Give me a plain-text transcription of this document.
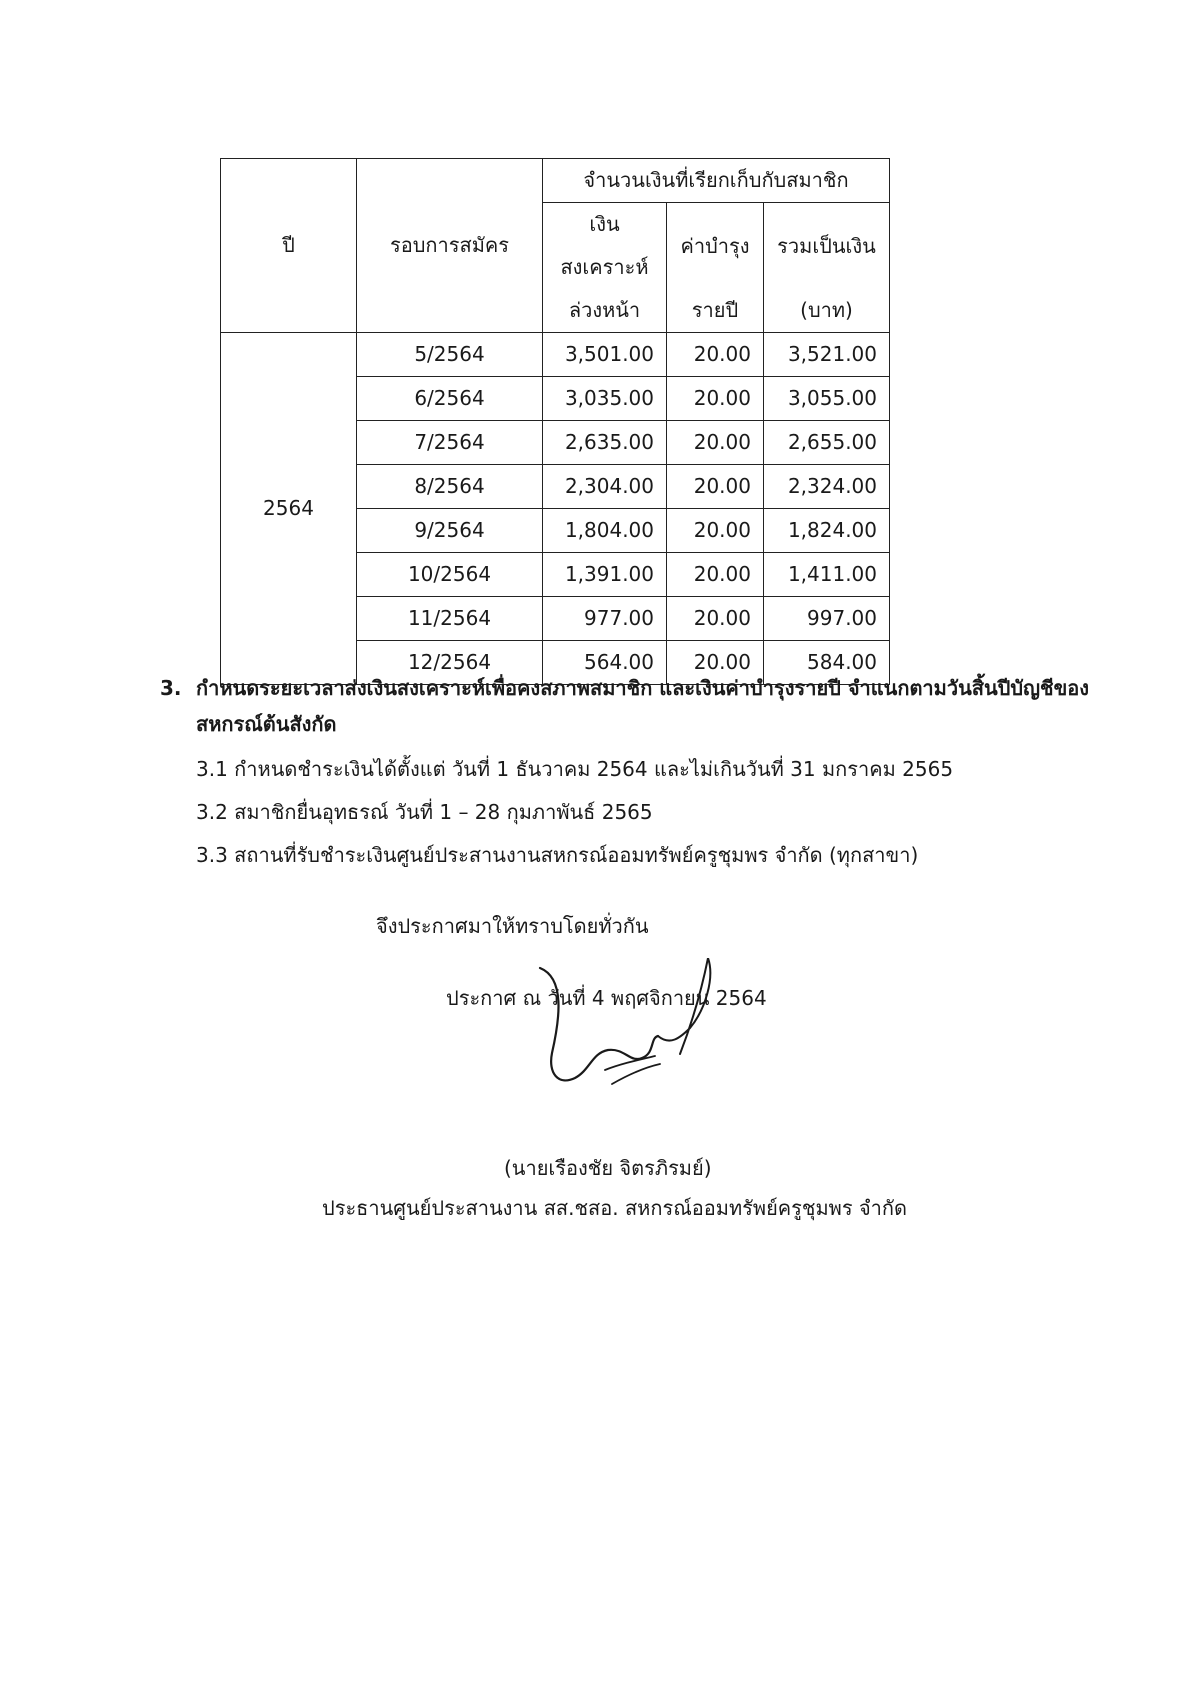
ปี	รอบการสมัคร	จำนวนเงินที่เรียกเก็บกับสมาชิก		
		เงินสงเคราะห์	ค่าบำรุง	รวมเป็นเงิน
		ล่วงหน้า	รายปี	(บาท)
2564	5/2564	3,501.00	20.00	3,521.00
	6/2564	3,035.00	20.00	3,055.00
	7/2564	2,635.00	20.00	2,655.00
	8/2564	2,304.00	20.00	2,324.00
	9/2564	1,804.00	20.00	1,824.00
	10/2564	1,391.00	20.00	1,411.00
	11/2564	977.00	20.00	997.00
	12/2564	564.00	20.00	584.00
3. กำหนดระยะเวลาส่งเงินสงเคราะห์เพื่อคงสภาพสมาชิก และเงินค่าบำรุงรายปี จำแนกตามวันสิ้นปีบัญชีของสหกรณ์ต้นสังกัด
3.1 กำหนดชำระเงินได้ตั้งแต่ วันที่ 1 ธันวาคม 2564 และไม่เกินวันที่ 31 มกราคม 2565
3.2 สมาชิกยื่นอุทธรณ์ วันที่ 1 – 28 กุมภาพันธ์ 2565
3.3 สถานที่รับชำระเงินศูนย์ประสานงานสหกรณ์ออมทรัพย์ครูชุมพร จำกัด (ทุกสาขา)
จึงประกาศมาให้ทราบโดยทั่วกัน
ประกาศ ณ วันที่ 4 พฤศจิกายน 2564
(นายเรืองชัย จิตรภิรมย์)
ประธานศูนย์ประสานงาน สส.ชสอ. สหกรณ์ออมทรัพย์ครูชุมพร จำกัด
